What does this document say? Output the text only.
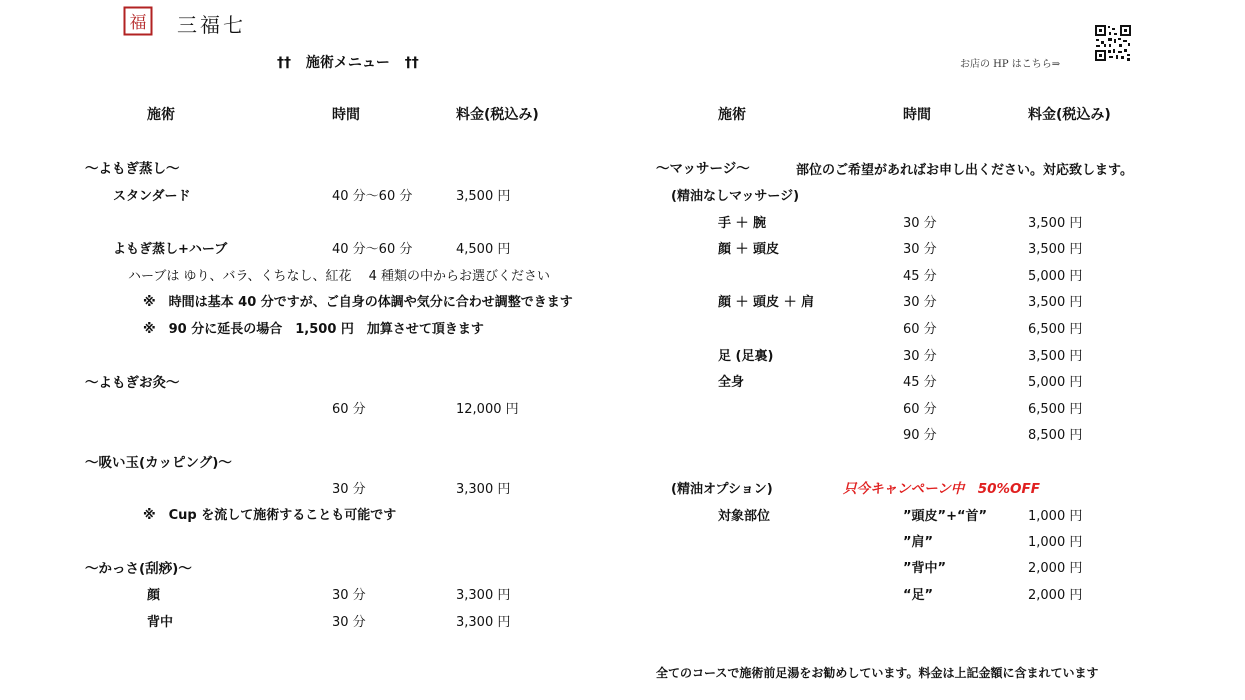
福 三福七
†† 施術メニュー ††	お店の HP はこちら⇒
施術	時間	料金(税込み)	施術	時間	料金(税込み)
〜よもぎ蒸し〜
スタンダード	40 分〜60 分	3,500 円
よもぎ蒸し+ハーブ	40 分〜60 分	4,500 円
ハーブは ゆり、バラ、くちなし、紅花　 4 種類の中からお選びください
※　時間は基本 40 分ですが、ご自身の体調や気分に合わせ調整できます
※　90 分に延長の場合　1,500 円　加算させて頂きます
〜よもぎお灸〜
60 分	12,000 円
〜吸い玉(カッピング)〜
30 分	3,300 円
※　Cup を流して施術することも可能です
〜かっさ(刮痧)〜
顔	30 分	3,300 円
背中	30 分	3,300 円
〜マッサージ〜	部位のご希望があればお申し出ください。対応致します。
(精油なしマッサージ)
手 ＋ 腕	30 分	3,500 円
顔 ＋ 頭皮	30 分	3,500 円
45 分	5,000 円
顔 ＋ 頭皮 ＋ 肩	30 分	3,500 円
60 分	6,500 円
足 (足裏)	30 分	3,500 円
全身	45 分	5,000 円
60 分	6,500 円
90 分	8,500 円
(精油オプション)	只今キャンペーン中　50%OFF
対象部位	”頭皮”+“首”	1,000 円
”肩”	1,000 円
”背中”	2,000 円
“足”	2,000 円
全てのコースで施術前足湯をお勧めしています。料金は上記金額に含まれています
